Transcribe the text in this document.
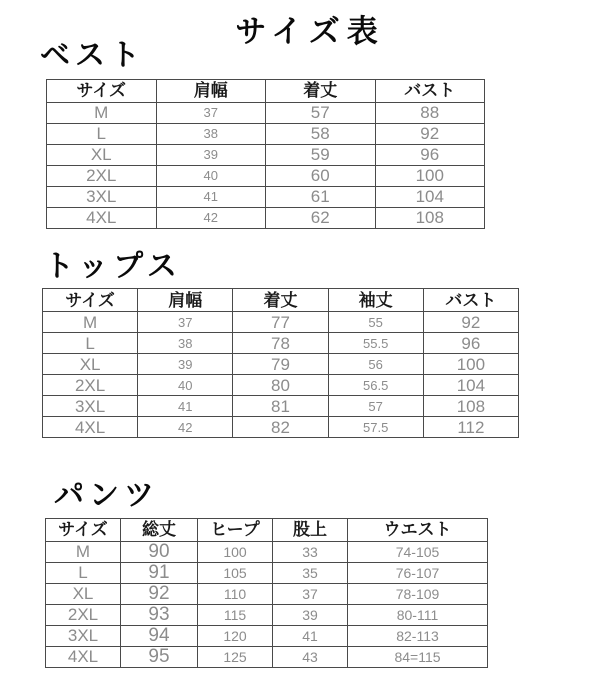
サイズ表
ベスト
サイズ	肩幅	着丈	バスト
M	37	57	88
L	38	58	92
XL	39	59	96
2XL	40	60	100
3XL	41	61	104
4XL	42	62	108
トップス
サイズ	肩幅	着丈	袖丈	バスト
M	37	77	55	92
L	38	78	55.5	96
XL	39	79	56	100
2XL	40	80	56.5	104
3XL	41	81	57	108
4XL	42	82	57.5	112
パンツ
サイズ	総丈	ヒープ	股上	ウエスト
M	90	100	33	74-105
L	91	105	35	76-107
XL	92	110	37	78-109
2XL	93	115	39	80-111
3XL	94	120	41	82-113
4XL	95	125	43	84=115
